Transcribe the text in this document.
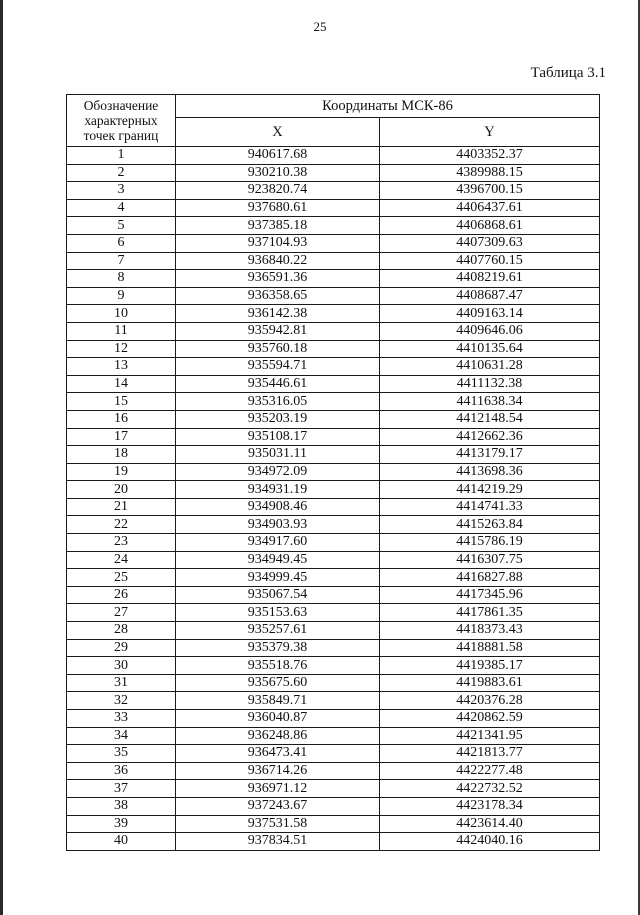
25
Таблица 3.1
Обозначение характерных точек границ	Координаты МСК-86	
	X	Y
1	940617.68	4403352.37
2	930210.38	4389988.15
3	923820.74	4396700.15
4	937680.61	4406437.61
5	937385.18	4406868.61
6	937104.93	4407309.63
7	936840.22	4407760.15
8	936591.36	4408219.61
9	936358.65	4408687.47
10	936142.38	4409163.14
11	935942.81	4409646.06
12	935760.18	4410135.64
13	935594.71	4410631.28
14	935446.61	4411132.38
15	935316.05	4411638.34
16	935203.19	4412148.54
17	935108.17	4412662.36
18	935031.11	4413179.17
19	934972.09	4413698.36
20	934931.19	4414219.29
21	934908.46	4414741.33
22	934903.93	4415263.84
23	934917.60	4415786.19
24	934949.45	4416307.75
25	934999.45	4416827.88
26	935067.54	4417345.96
27	935153.63	4417861.35
28	935257.61	4418373.43
29	935379.38	4418881.58
30	935518.76	4419385.17
31	935675.60	4419883.61
32	935849.71	4420376.28
33	936040.87	4420862.59
34	936248.86	4421341.95
35	936473.41	4421813.77
36	936714.26	4422277.48
37	936971.12	4422732.52
38	937243.67	4423178.34
39	937531.58	4423614.40
40	937834.51	4424040.16
